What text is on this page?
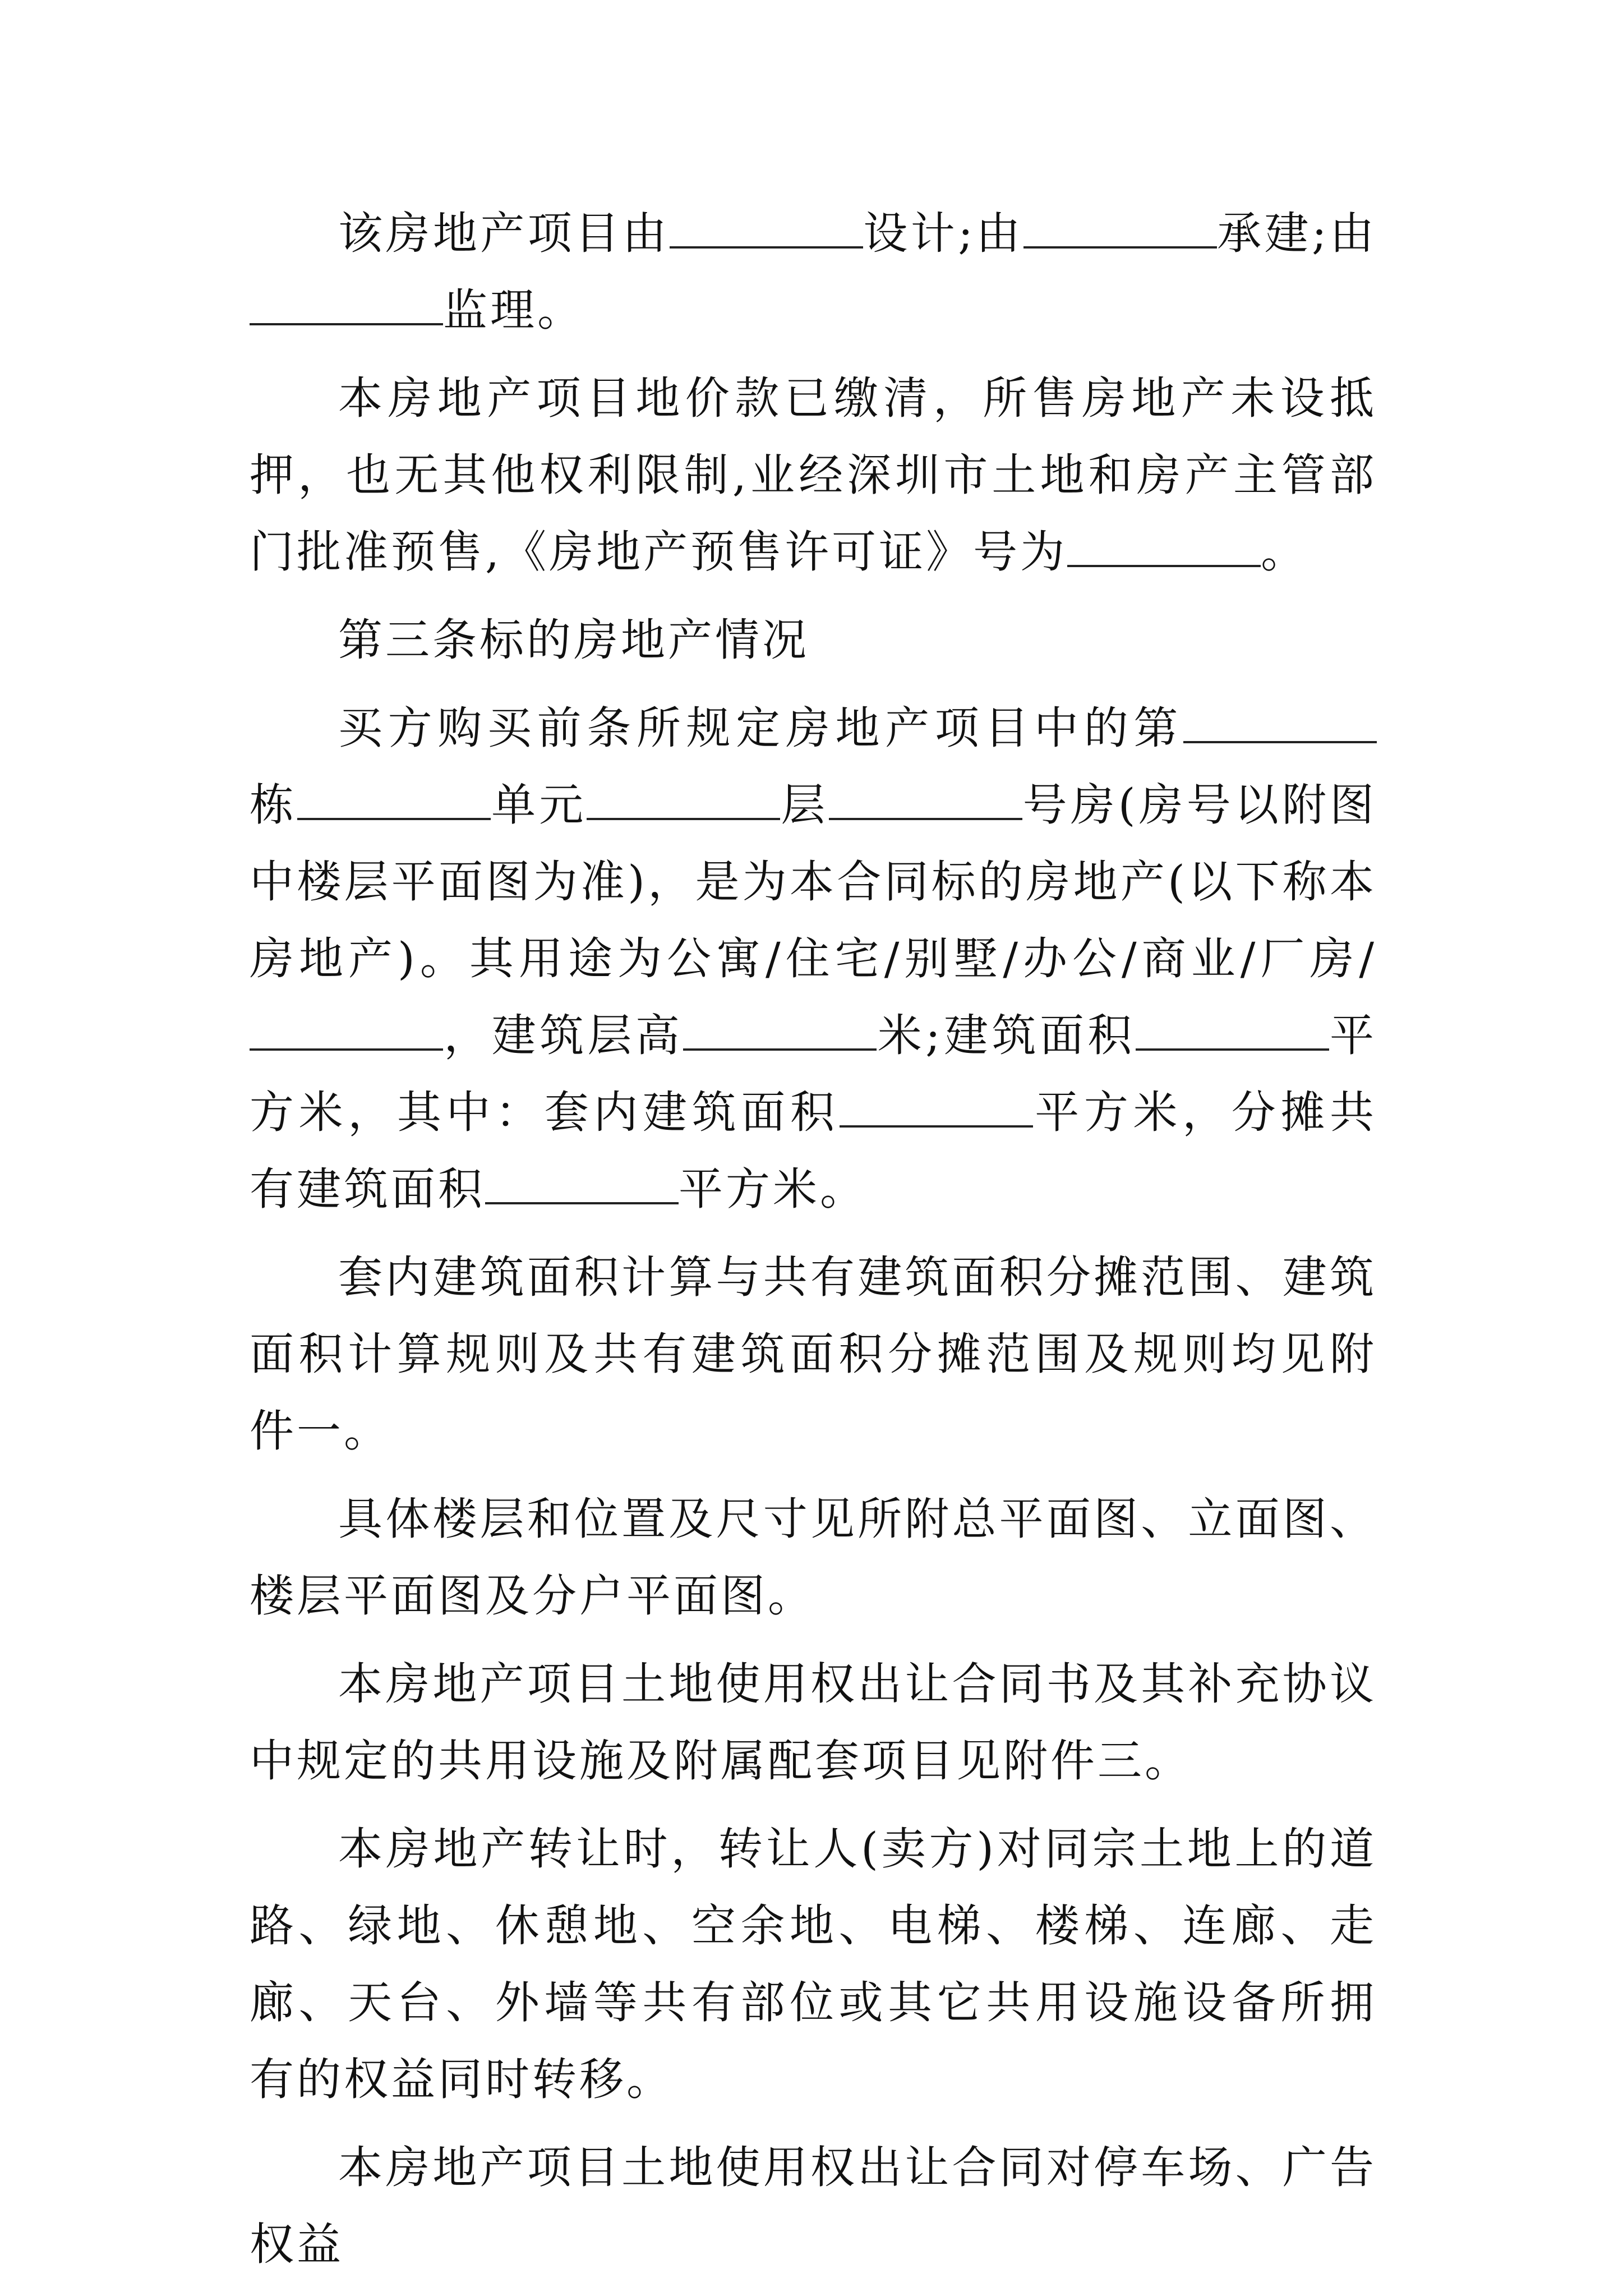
该房地产项目由	设计;由	承建;由监理。

本房地产项目地价款已缴清，所售房地产未设抵押，也无其他权利限制,业经深圳市土地和房产主管部门批准预售,《房地产预售许可证》号为	。

第三条标的房地产情况

买方购买前条所规定房地产项目中的第栋	单元	层	号房(房号以附图中楼层平面图为准)，是为本合同标的房地产(以下称本房地产)。其用途为公寓/住宅/别墅/办公/商业/厂房/，建筑层高	米;建筑面积	平方米，其中：套内建筑面积	平方米，分摊共有建筑面积	平方米。

套内建筑面积计算与共有建筑面积分摊范围、建筑面积计算规则及共有建筑面积分摊范围及规则均见附件一。

具体楼层和位置及尺寸见所附总平面图、立面图、楼层平面图及分户平面图。

本房地产项目土地使用权出让合同书及其补充协议中规定的共用设施及附属配套项目见附件三。

本房地产转让时，转让人(卖方)对同宗土地上的道路、绿地、休憩地、空余地、电梯、楼梯、连廊、走廊、天台、外墙等共有部位或其它共用设施设备所拥有的权益同时转移。

本房地产项目土地使用权出让合同对停车场、广告权益
